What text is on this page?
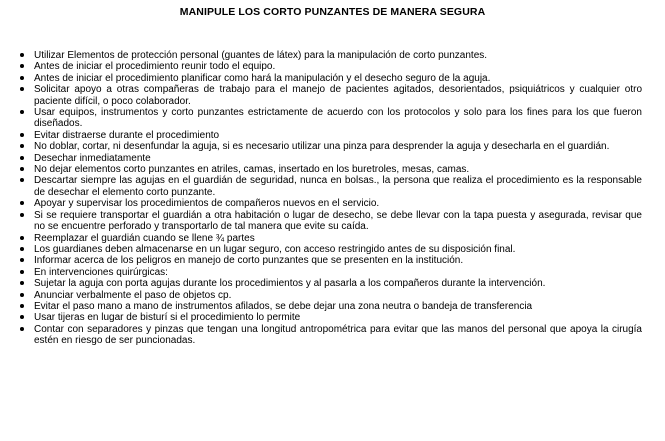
MANIPULE LOS CORTO PUNZANTES DE MANERA SEGURA
Utilizar Elementos de protección personal (guantes de látex) para la manipulación de corto punzantes.
Antes de iniciar el procedimiento reunir todo el equipo.
Antes de iniciar el procedimiento planificar como hará la manipulación y el desecho seguro de la aguja.
Solicitar apoyo a otras compañeras de trabajo para el manejo de pacientes agitados, desorientados, psiquiátricos y cualquier otro paciente difícil, o poco colaborador.
Usar equipos, instrumentos y corto punzantes estrictamente de acuerdo con los protocolos y solo para los fines para los que fueron diseñados.
Evitar distraerse durante el procedimiento
No doblar, cortar, ni desenfundar la aguja, si es necesario utilizar una pinza para desprender la aguja y desecharla en el guardián.
Desechar inmediatamente
No dejar elementos corto punzantes en atriles, camas, insertado en los buretroles, mesas, camas.
Descartar siempre las agujas en el guardián de seguridad, nunca en bolsas., la persona que realiza el procedimiento es la responsable de desechar el elemento corto punzante.
Apoyar y supervisar los procedimientos de compañeros nuevos en el servicio.
Si se requiere transportar el guardián a otra habitación o lugar de desecho, se debe llevar con la tapa puesta y asegurada, revisar que no se encuentre perforado y transportarlo de tal manera que evite su caída.
Reemplazar el guardián cuando se llene ¾ partes
Los guardianes deben almacenarse en un lugar seguro, con acceso restringido antes de su disposición final.
Informar acerca de los peligros en manejo de corto punzantes que se presenten en la institución.
En intervenciones quirúrgicas:
Sujetar la aguja con porta agujas durante los procedimientos y al pasarla a los compañeros durante la intervención.
Anunciar verbalmente el paso de objetos cp.
Evitar el paso mano a mano de instrumentos afilados, se debe dejar una zona neutra o bandeja de transferencia
Usar tijeras en lugar de bisturí si el procedimiento lo permite
Contar con separadores y pinzas que tengan una longitud antropométrica para evitar que las manos del personal que apoya la cirugía estén en riesgo de ser puncionadas.
